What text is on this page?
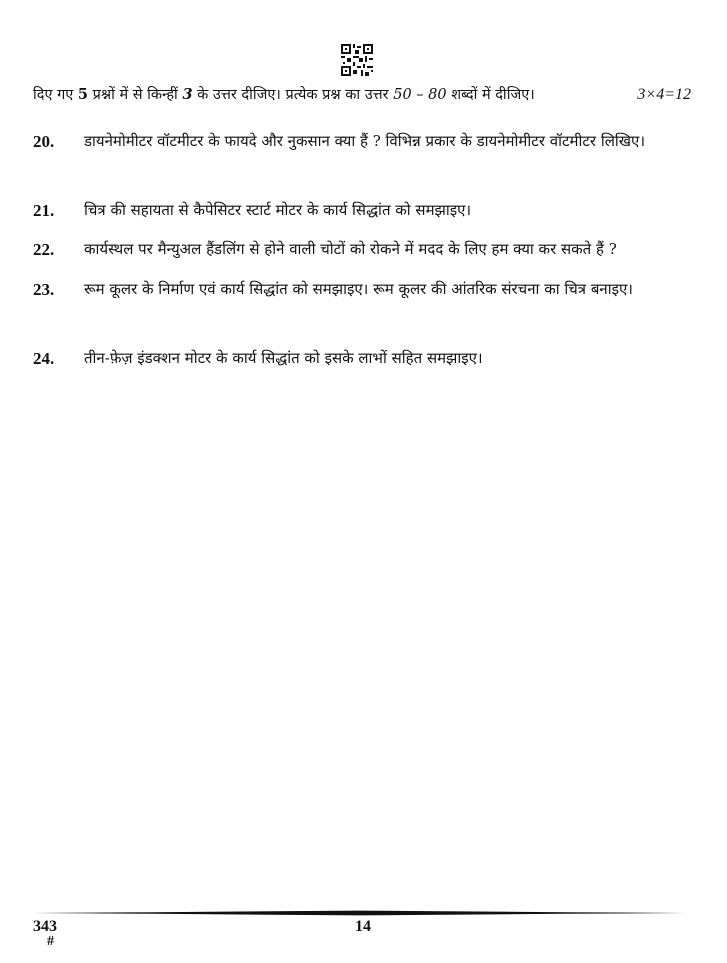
दिए गए 5 प्रश्नों में से किन्हीं 3 के उत्तर दीजिए। प्रत्येक प्रश्न का उत्तर 50 – 80 शब्दों में दीजिए।	3×4=12
20.	डायनेमोमीटर वॉटमीटर के फायदे और नुकसान क्या हैं ? विभिन्न प्रकार के डायनेमोमीटर वॉटमीटर लिखिए।
21.	चित्र की सहायता से कैपेसिटर स्टार्ट मोटर के कार्य सिद्धांत को समझाइए।
22.	कार्यस्थल पर मैन्युअल हैंडलिंग से होने वाली चोटों को रोकने में मदद के लिए हम क्या कर सकते हैं ?
23.	रूम कूलर के निर्माण एवं कार्य सिद्धांत को समझाइए। रूम कूलर की आंतरिक संरचना का चित्र बनाइए।
24.	तीन-फ़ेज़ इंडक्शन मोटर के कार्य सिद्धांत को इसके लाभों सहित समझाइए।
343
#
14
